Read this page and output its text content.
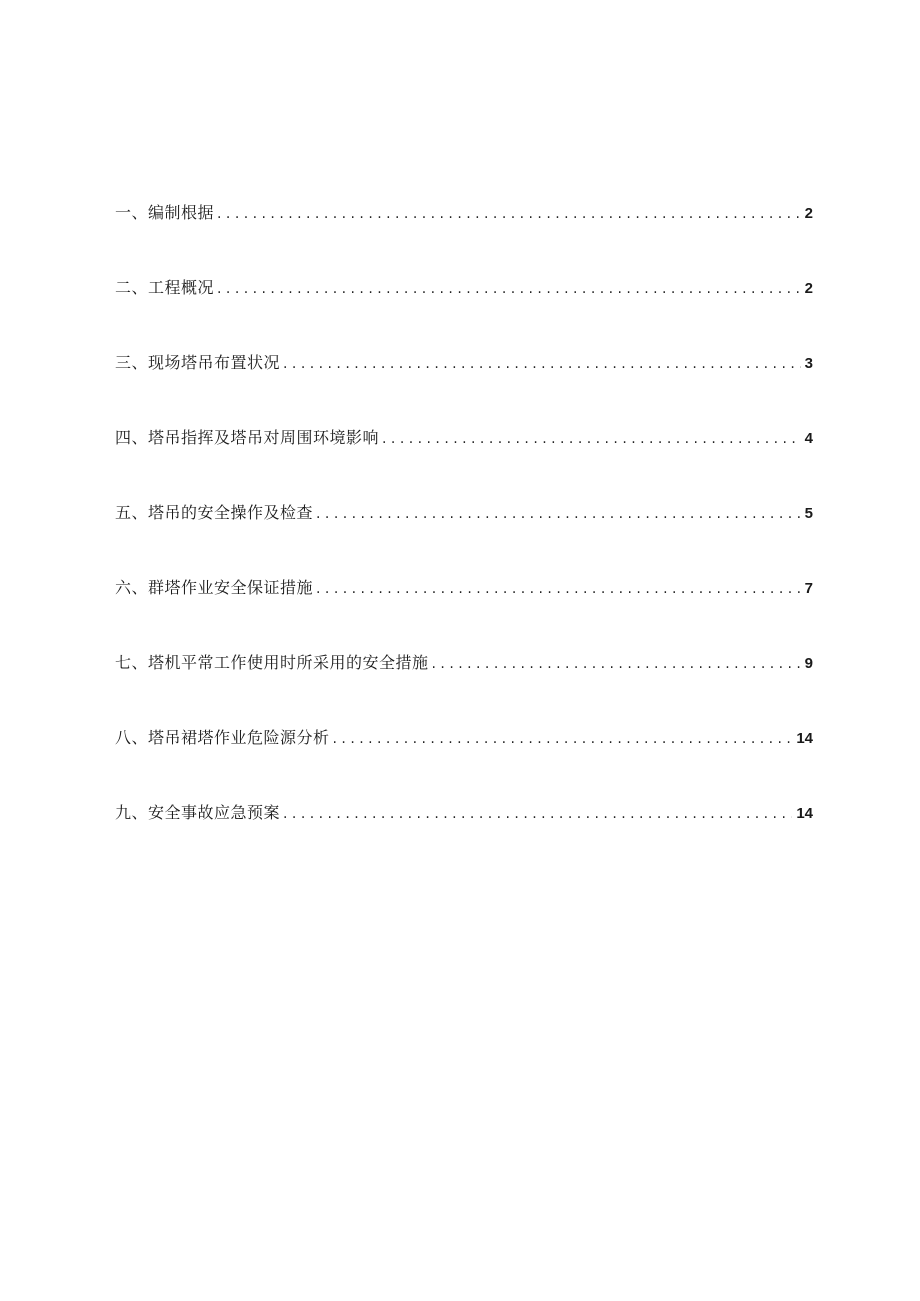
一、编制根据 . . .	2
二、工程概况 . . .	2
三、现场塔吊布置状况 . . .	3
四、塔吊指挥及塔吊对周围环境影响 . . .	4
五、塔吊的安全操作及检查 . . .	5
六、群塔作业安全保证措施 . . .	7
七、塔机平常工作使用时所采用的安全措施 . . .	9
八、塔吊裙塔作业危险源分析 . . .	14
九、安全事故应急预案 . . .	14
